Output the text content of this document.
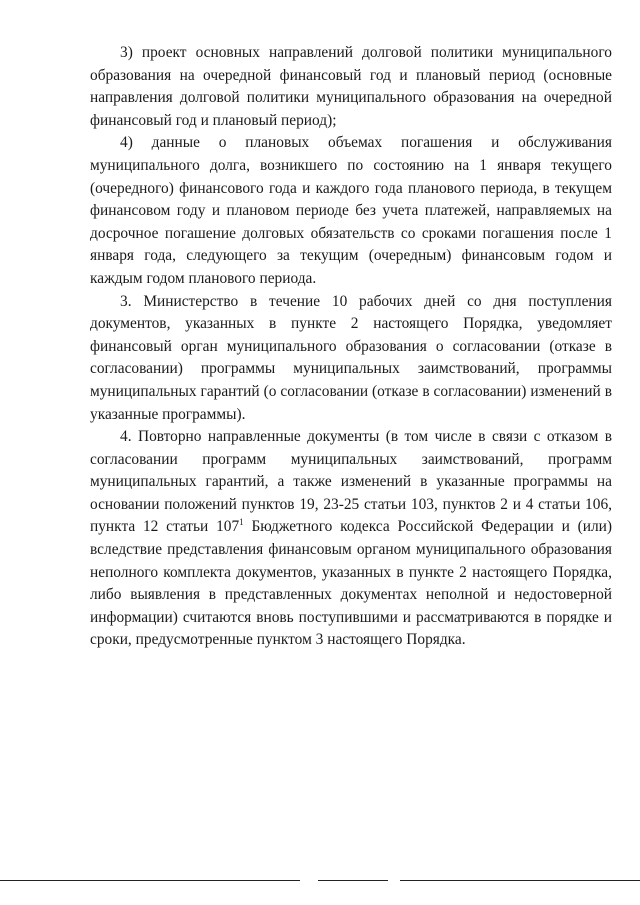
3) проект основных направлений долговой политики муниципального образования на очередной финансовый год и плановый период (основные направления долговой политики муниципального образования на очередной финансовый год и плановый период);

4) данные о плановых объемах погашения и обслуживания муниципального долга, возникшего по состоянию на 1 января текущего (очередного) финансового года и каждого года планового периода, в текущем финансовом году и плановом периоде без учета платежей, направляемых на досрочное погашение долговых обязательств со сроками погашения после 1 января года, следующего за текущим (очередным) финансовым годом и каждым годом планового периода.

3. Министерство в течение 10 рабочих дней со дня поступления документов, указанных в пункте 2 настоящего Порядка, уведомляет финансовый орган муниципального образования о согласовании (отказе в согласовании) программы муниципальных заимствований, программы муниципальных гарантий (о согласовании (отказе в согласовании) изменений в указанные программы).

4. Повторно направленные документы (в том числе в связи с отказом в согласовании программ муниципальных заимствований, программ муниципальных гарантий, а также изменений в указанные программы на основании положений пунктов 19, 23-25 статьи 103, пунктов 2 и 4 статьи 106, пункта 12 статьи $107^1$ Бюджетного кодекса Российской Федерации и (или) вследствие представления финансовым органом муниципального образования неполного комплекта документов, указанных в пункте 2 настоящего Порядка, либо выявления в представленных документах неполной и недостоверной информации) считаются вновь поступившими и рассматриваются в порядке и сроки, предусмотренные пунктом 3 настоящего Порядка.
